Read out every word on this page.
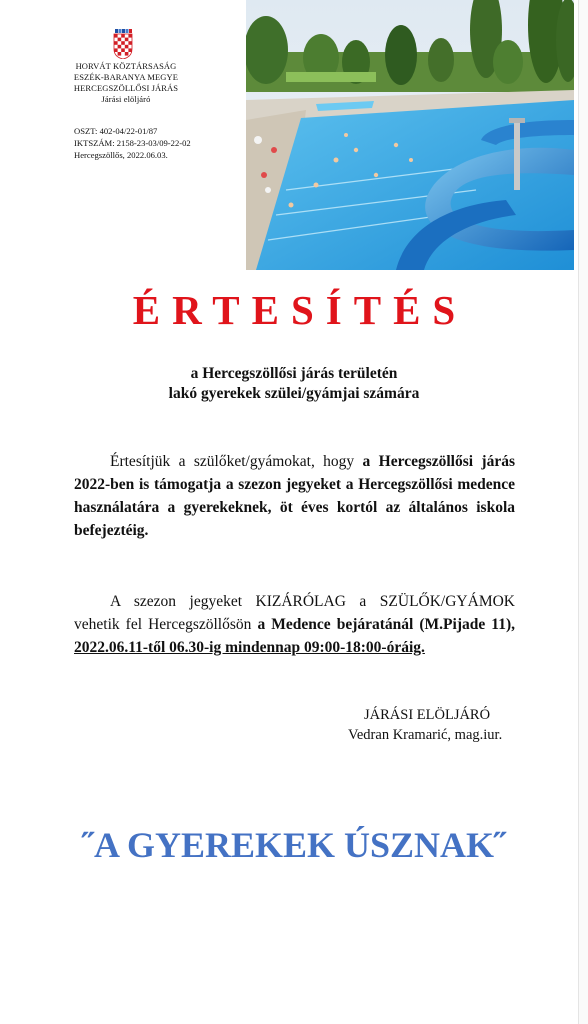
HORVÁT KÖZTÁRSASÁG
ESZÉK-BARANYA MEGYE
HERCEGSZÖLLŐSI JÁRÁS
Járási elöljáró
OSZT: 402-04/22-01/87
IKTSZÁM: 2158-23-03/09-22-02
Hercegszöllős, 2022.06.03.
ÉRTESÍTÉS
a Hercegszöllősi járás területén
lakó gyerekek szülei/gyámjai számára

Értesítjük a szülőket/gyámokat, hogy a Hercegszöllősi járás 2022-ben is támogatja a szezon jegyeket a Hercegszöllősi medence használatára a gyerekeknek, öt éves kortól az általános iskola befejeztéig.

A szezon jegyeket KIZÁRÓLAG a SZÜLŐK/GYÁMOK vehetik fel Hercegszöllősön a Medence bejáratánál (M.Pijade 11), 2022.06.11-től 06.30-ig mindennap 09:00-18:00-óráig.

JÁRÁSI ELÖLJÁRÓ
Vedran Kramarić, mag.iur.
˝A GYEREKEK ÚSZNAK˝
